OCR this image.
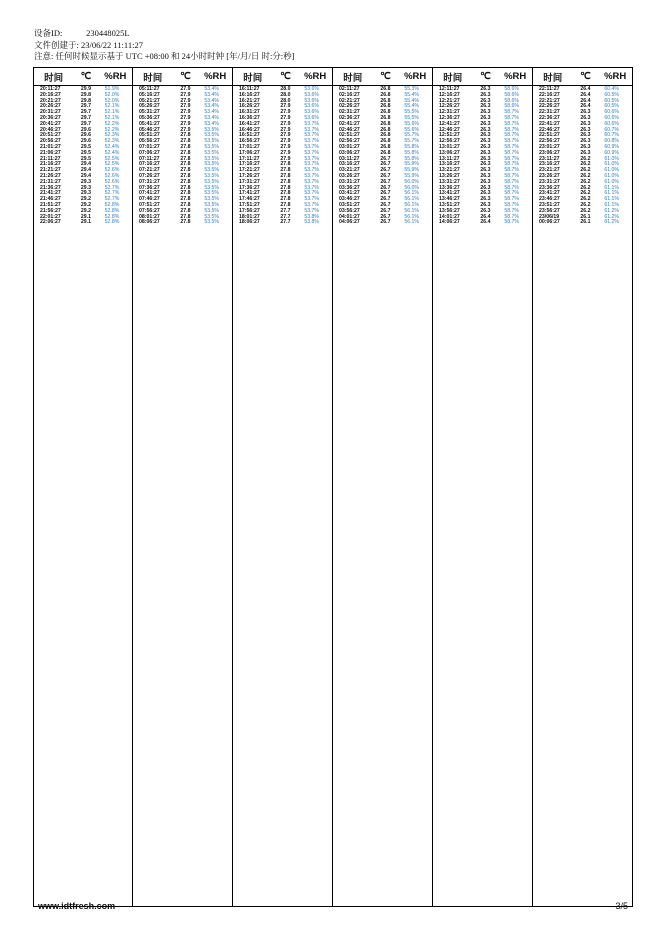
设备ID:	230448025L
文件创建于: 23/06/22 11:11:27
注意: 任何时候显示基于 UTC +08:00 和 24小时时钟 [年/月/日 时:分:秒]
时间	℃	%RH
20:11:27	29.9	51.9%
20:16:27	29.8	52.0%
20:21:27	29.8	52.0%
20:26:27	29.7	52.1%
20:31:27	29.7	52.1%
20:36:27	29.7	52.1%
20:41:27	29.7	52.2%
20:46:27	29.6	52.2%
20:51:27	29.6	52.3%
20:56:27	29.6	52.3%
21:01:27	29.5	52.4%
21:06:27	29.5	52.4%
21:11:27	29.5	52.5%
21:16:27	29.4	52.5%
21:21:27	29.4	52.6%
21:26:27	29.4	52.6%
21:31:27	29.3	52.6%
21:36:27	29.3	52.7%
21:41:27	29.3	52.7%
21:46:27	29.2	52.7%
21:51:27	29.2	52.8%
21:56:27	29.2	52.8%
22:01:27	29.1	52.8%
22:06:27	29.1	52.8%
时间	℃	%RH
05:11:27	27.9	53.4%
05:16:27	27.9	53.4%
05:21:27	27.9	53.4%
05:26:27	27.9	53.4%
05:31:27	27.9	53.4%
05:36:27	27.9	53.4%
05:41:27	27.9	53.4%
05:46:27	27.9	53.5%
05:51:27	27.8	53.5%
05:56:27	27.8	53.5%
07:01:27	27.8	53.5%
07:06:27	27.8	53.5%
07:11:27	27.8	53.5%
07:16:27	27.8	53.5%
07:21:27	27.8	53.5%
07:26:27	27.8	53.5%
07:31:27	27.8	53.5%
07:36:27	27.8	53.5%
07:41:27	27.8	53.5%
07:46:27	27.8	53.5%
07:51:27	27.8	53.5%
07:56:27	27.8	53.5%
08:01:27	27.8	53.5%
08:06:27	27.8	53.5%
时间	℃	%RH
16:11:27	28.0	53.6%
16:16:27	28.0	53.6%
16:21:27	28.0	53.6%
16:26:27	27.9	53.6%
16:31:27	27.9	53.6%
16:36:27	27.9	53.6%
16:41:27	27.9	53.7%
16:46:27	27.9	53.7%
16:51:27	27.9	53.7%
16:56:27	27.9	53.7%
17:01:27	27.9	53.7%
17:06:27	27.9	53.7%
17:11:27	27.9	53.7%
17:16:27	27.8	53.7%
17:21:27	27.8	53.7%
17:26:27	27.8	53.7%
17:31:27	27.8	53.7%
17:36:27	27.8	53.7%
17:41:27	27.8	53.7%
17:46:27	27.8	53.7%
17:51:27	27.8	53.7%
17:56:27	27.7	53.7%
18:01:27	27.7	53.8%
18:06:27	27.7	53.8%
时间	℃	%RH
02:11:27	26.8	55.3%
02:16:27	26.8	55.4%
02:21:27	26.8	55.4%
02:26:27	26.8	55.4%
02:31:27	26.8	55.5%
02:36:27	26.8	55.5%
02:41:27	26.8	55.6%
02:46:27	26.8	55.6%
02:51:27	26.8	55.7%
02:56:27	26.8	55.7%
03:01:27	26.8	55.8%
03:06:27	26.8	55.8%
03:11:27	26.7	55.8%
03:16:27	26.7	55.9%
03:21:27	26.7	55.9%
03:26:27	26.7	55.9%
03:31:27	26.7	56.0%
03:36:27	26.7	56.0%
03:41:27	26.7	56.1%
03:46:27	26.7	56.1%
03:51:27	26.7	56.1%
03:56:27	26.7	56.1%
04:01:27	26.7	56.1%
04:06:27	26.7	56.1%
时间	℃	%RH
12:11:27	26.3	58.6%
12:16:27	26.3	58.6%
12:21:27	26.3	58.6%
12:26:27	26.3	58.6%
12:31:27	26.3	58.7%
12:36:27	26.3	58.7%
12:41:27	26.3	58.7%
12:46:27	26.3	58.7%
12:51:27	26.3	58.7%
12:56:27	26.3	58.7%
13:01:27	26.3	58.7%
13:06:27	26.3	58.7%
13:11:27	26.3	58.7%
13:16:27	26.3	58.7%
13:21:27	26.3	58.7%
13:26:27	26.3	58.7%
13:31:27	26.3	58.7%
13:36:27	26.3	58.7%
13:41:27	26.3	58.7%
13:46:27	26.3	58.7%
13:51:27	26.3	58.7%
13:56:27	26.3	58.7%
14:01:27	26.4	58.7%
14:06:27	26.4	58.7%
时间	℃	%RH
22:11:27	26.4	60.4%
22:16:27	26.4	60.5%
22:21:27	26.4	60.5%
22:26:27	26.4	60.5%
22:31:27	26.3	60.6%
22:36:27	26.3	60.6%
22:41:27	26.3	60.6%
22:46:27	26.3	60.7%
22:51:27	26.3	60.7%
22:56:27	26.3	60.8%
23:01:27	26.3	60.9%
23:06:27	26.3	60.9%
23:11:27	26.2	61.0%
23:16:27	26.2	61.0%
23:21:27	26.2	61.0%
23:26:27	26.2	61.0%
23:31:27	26.2	61.0%
23:36:27	26.2	61.1%
23:41:27	26.2	61.1%
23:46:27	26.2	61.1%
23:51:27	26.2	61.1%
23:56:27	26.2	61.2%
23/06/19	26.1	61.2%
00:06:27	26.1	61.2%
www.idtfresh.com	3/5
